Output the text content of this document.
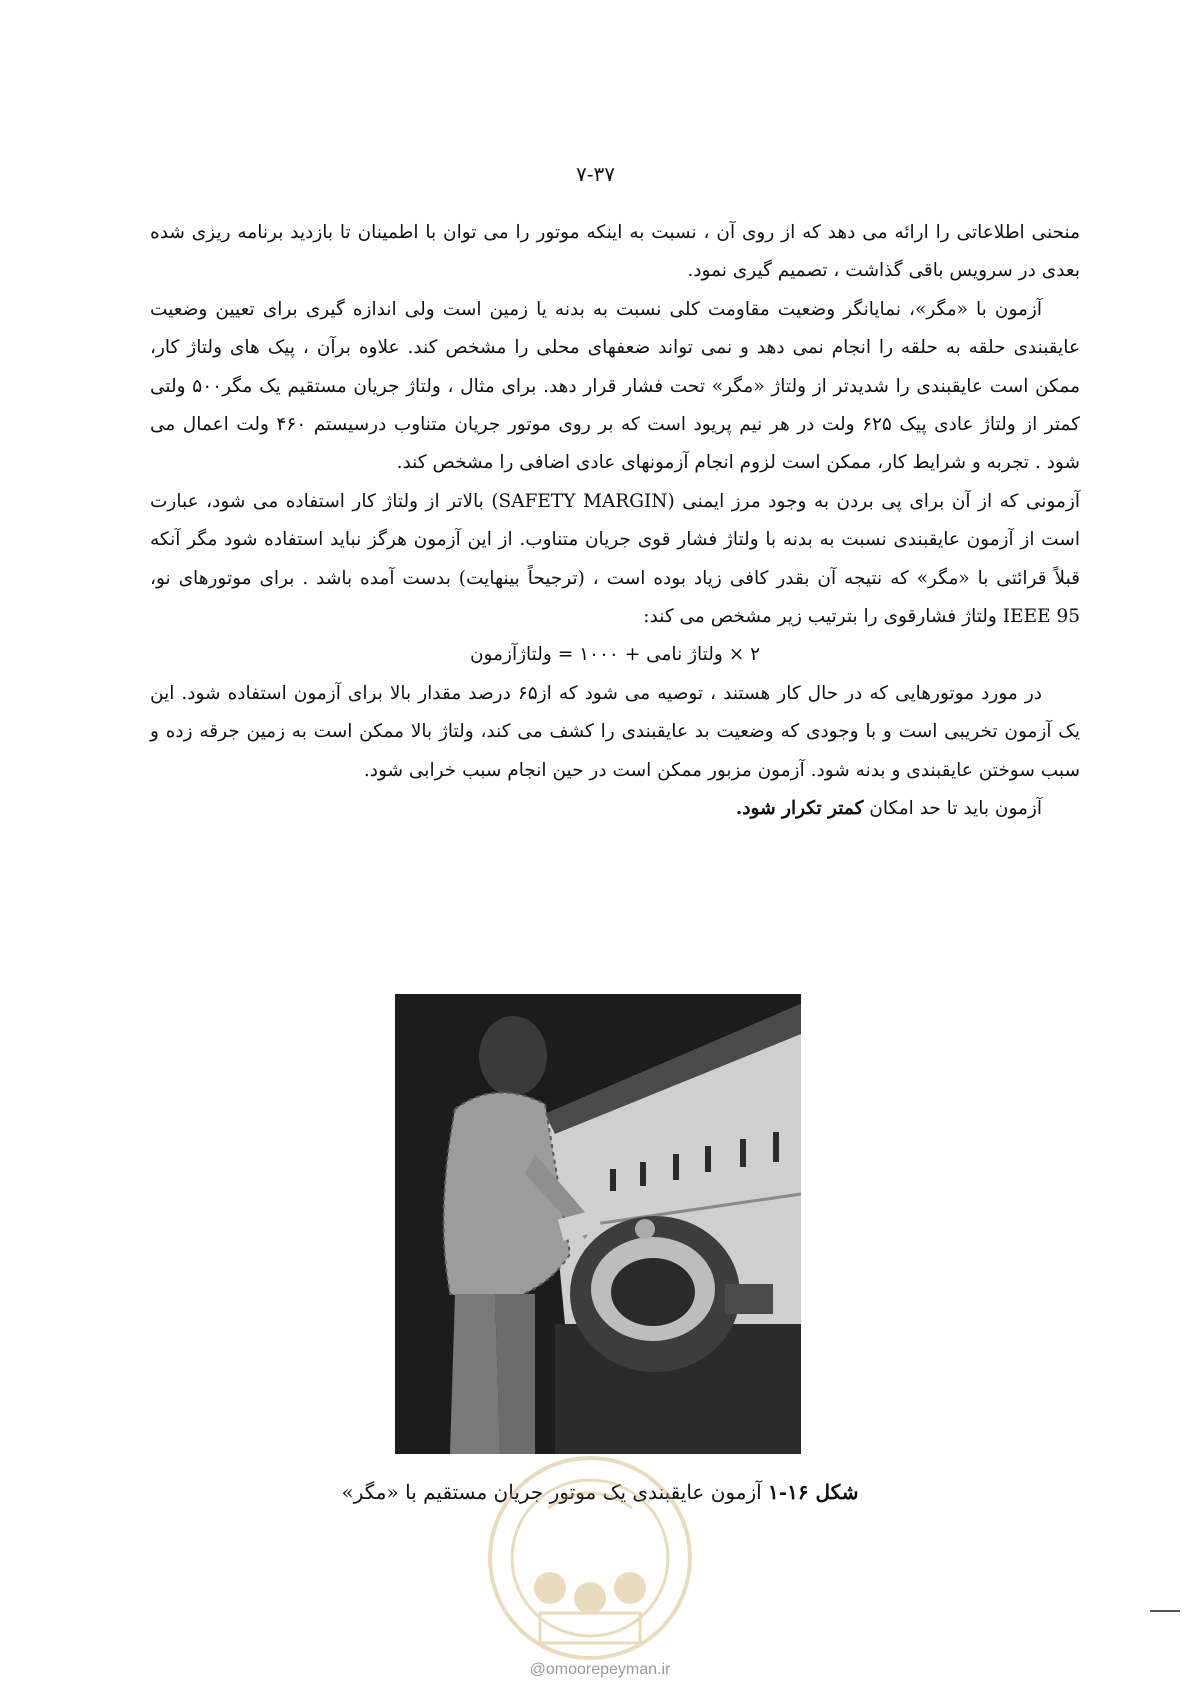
۷-۳۷

منحنی اطلاعاتی را ارائه می دهد که از روی آن ، نسبت به اینکه موتور را می توان با اطمینان تا بازدید برنامه ریزی شده بعدی در سرویس باقی گذاشت ، تصمیم گیری نمود.

آزمون با «مگر»، نمایانگر وضعیت مقاومت کلی نسبت به بدنه یا زمین است ولی اندازه گیری برای تعیین وضعیت عایقبندی حلقه به حلقه را انجام نمی دهد و نمی تواند ضعفهای محلی را مشخص کند. علاوه برآن ، پیک های ولتاژ کار، ممکن است عایقبندی را شدیدتر از ولتاژ «مگر» تحت فشار قرار دهد. برای مثال ، ولتاژ جریان مستقیم یک مگر۵۰۰ ولتی کمتر از ولتاژ عادی پیک ۶۲۵ ولت در هر نیم پریود است که بر روی موتور جریان متناوب درسیستم ۴۶۰ ولت اعمال می شود . تجربه و شرایط کار، ممکن است لزوم انجام آزمونهای عادی اضافی را مشخص کند.

آزمونی که از آن برای پی بردن به وجود مرز ایمنی (SAFETY MARGIN) بالاتر از ولتاژ کار استفاده می شود، عبارت است از آزمون عایقبندی نسبت به بدنه با ولتاژ فشار قوی جریان متناوب. از این آزمون هرگز نباید استفاده شود مگر آنکه قبلاً قرائتی با «مگر» که نتیجه آن بقدر کافی زیاد بوده است ، (ترجیحاً بینهایت) بدست آمده باشد . برای موتورهای نو، IEEE 95 ولتاژ فشارقوی را بترتیب زیر مشخص می کند:

۲ × ولتاژ نامی + ۱۰۰۰ = ولتاژآزمون

در مورد موتورهایی که در حال کار هستند ، توصیه می شود که از۶۵ درصد مقدار بالا برای آزمون استفاده شود. این یک آزمون تخریبی است و با وجودی که وضعیت بد عایقبندی را کشف می کند، ولتاژ بالا ممکن است به زمین جرقه زده و سبب سوختن عایقبندی و بدنه شود. آزمون مزبور ممکن است در حین انجام سبب خرابی شود.

آزمون باید تا حد امکان کمتر تکرار شود.

شکل ۱۶-۱ آزمون عایقبندی یک موتور جریان مستقیم با «مگر»
@omoorepeyman.ir
